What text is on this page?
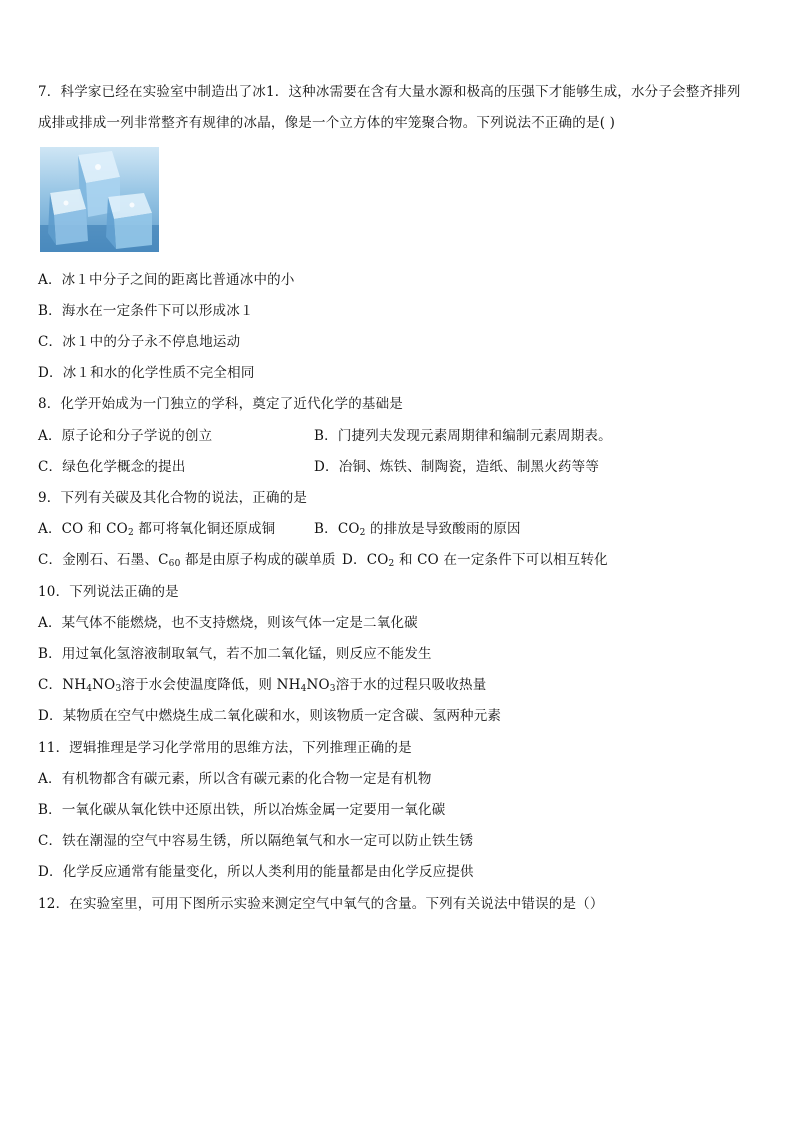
7．科学家已经在实验室中制造出了冰1．这种冰需要在含有大量水源和极高的压强下才能够生成，水分子会整齐排列
成排或排成一列非常整齐有规律的冰晶，像是一个立方体的牢笼聚合物。下列说法不正确的是( )
A．冰１中分子之间的距离比普通冰中的小
B．海水在一定条件下可以形成冰１
C．冰１中的分子永不停息地运动
D．冰１和水的化学性质不完全相同
8．化学开始成为一门独立的学科，奠定了近代化学的基础是
A．原子论和分子学说的创立	B．门捷列夫发现元素周期律和编制元素周期表。
C．绿色化学概念的提出	D．冶铜、炼铁、制陶瓷，造纸、制黑火药等等
9．下列有关碳及其化合物的说法，正确的是
A．CO 和 $CO_2$ 都可将氧化铜还原成铜	B．$CO_2$ 的排放是导致酸雨的原因
C．金刚石、石墨、$C_{60}$ 都是由原子构成的碳单质 D．$CO_2$ 和 CO 在一定条件下可以相互转化
10．下列说法正确的是
A．某气体不能燃烧，也不支持燃烧，则该气体一定是二氧化碳
B．用过氧化氢溶液制取氧气，若不加二氧化锰，则反应不能发生
C．$NH_4NO_3$溶于水会使温度降低，则 $NH_4NO_3$溶于水的过程只吸收热量
D．某物质在空气中燃烧生成二氧化碳和水，则该物质一定含碳、氢两种元素
11．逻辑推理是学习化学常用的思维方法，下列推理正确的是
A．有机物都含有碳元素，所以含有碳元素的化合物一定是有机物
B．一氧化碳从氧化铁中还原出铁，所以冶炼金属一定要用一氧化碳
C．铁在潮湿的空气中容易生锈，所以隔绝氧气和水一定可以防止铁生锈
D．化学反应通常有能量变化，所以人类利用的能量都是由化学反应提供
12．在实验室里，可用下图所示实验来测定空气中氧气的含量。下列有关说法中错误的是（）
